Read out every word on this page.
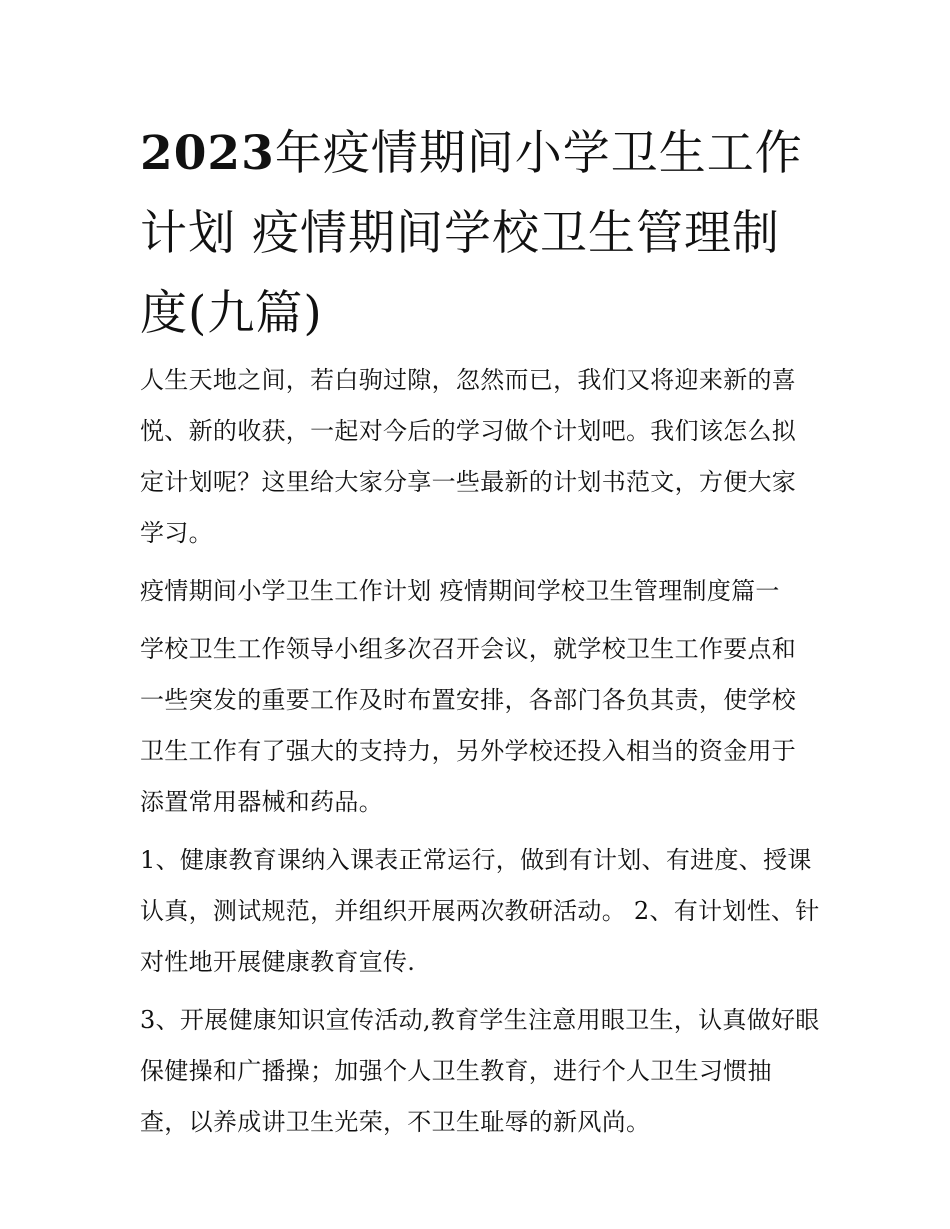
2023年疫情期间小学卫生工作计划 疫情期间学校卫生管理制度(九篇)

人生天地之间，若白驹过隙，忽然而已，我们又将迎来新的喜悦、新的收获，一起对今后的学习做个计划吧。我们该怎么拟定计划呢？这里给大家分享一些最新的计划书范文，方便大家学习。

疫情期间小学卫生工作计划 疫情期间学校卫生管理制度篇一

学校卫生工作领导小组多次召开会议，就学校卫生工作要点和一些突发的重要工作及时布置安排，各部门各负其责，使学校卫生工作有了强大的支持力，另外学校还投入相当的资金用于添置常用器械和药品。

1、健康教育课纳入课表正常运行，做到有计划、有进度、授课认真，测试规范，并组织开展两次教研活动。 2、有计划性、针对性地开展健康教育宣传.

3、开展健康知识宣传活动,教育学生注意用眼卫生，认真做好眼保健操和广播操；加强个人卫生教育，进行个人卫生习惯抽查，以养成讲卫生光荣，不卫生耻辱的新风尚。
